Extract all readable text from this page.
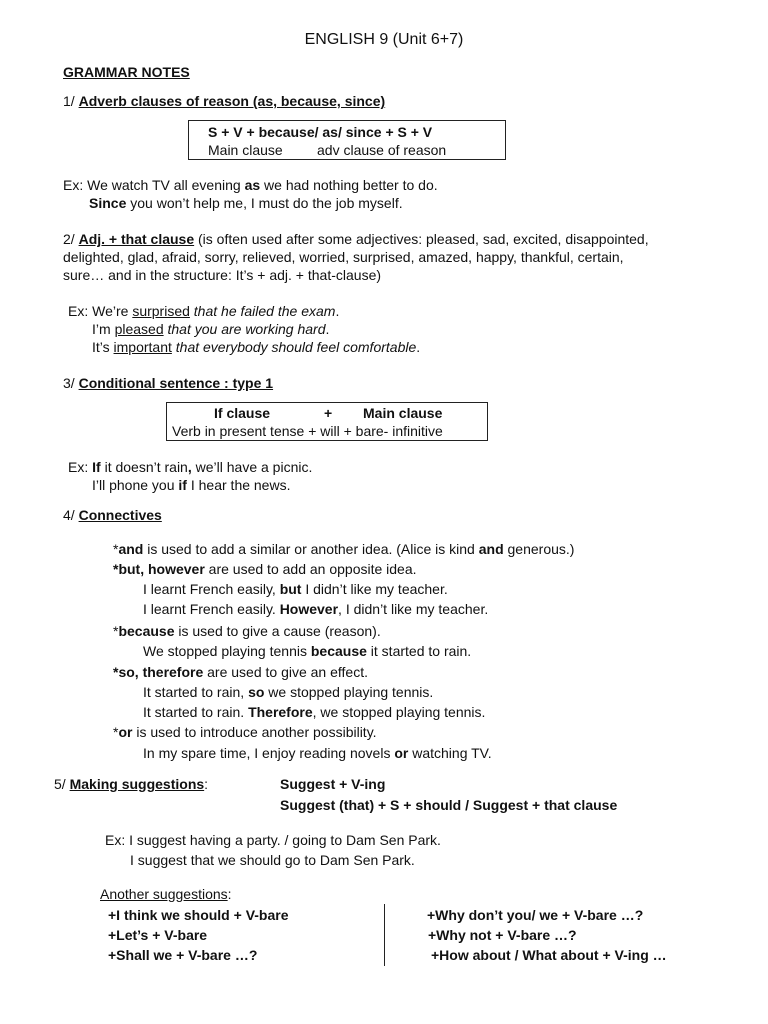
ENGLISH 9 (Unit 6+7)
GRAMMAR NOTES
1/ Adverb clauses of reason (as, because, since)
S + V + because/ as/ since + S + V
Main clause adv clause of reason
Ex: We watch TV all evening as we had nothing better to do.
Since you won’t help me, I must do the job myself.
2/ Adj. + that clause (is often used after some adjectives: pleased, sad, excited, disappointed,
delighted, glad, afraid, sorry, relieved, worried, surprised, amazed, happy, thankful, certain,
sure… and in the structure: It’s + adj. + that-clause)
Ex: We’re surprised that he failed the exam.
I’m pleased that you are working hard.
It’s important that everybody should feel comfortable.
3/ Conditional sentence : type 1
If clause	+ Main clause
Verb in present tense + will + bare- infinitive
Ex: If it doesn’t rain, we’ll have a picnic.
I’ll phone you if I hear the news.
4/ Connectives
*and is used to add a similar or another idea. (Alice is kind and generous.)
*but, however are used to add an opposite idea.
I learnt French easily, but I didn’t like my teacher.
I learnt French easily. However, I didn’t like my teacher.
*because is used to give a cause (reason).
We stopped playing tennis because it started to rain.
*so, therefore are used to give an effect.
It started to rain, so we stopped playing tennis.
It started to rain. Therefore, we stopped playing tennis.
*or is used to introduce another possibility.
In my spare time, I enjoy reading novels or watching TV.
5/ Making suggestions:	Suggest + V-ing
Suggest (that) + S + should / Suggest + that clause
Ex: I suggest having a party. / going to Dam Sen Park.
I suggest that we should go to Dam Sen Park.
Another suggestions:
+I think we should + V-bare
+Let’s + V-bare
+Shall we + V-bare …?
+Why don’t you/ we + V-bare …?
+Why not + V-bare …?
+How about / What about + V-ing …
